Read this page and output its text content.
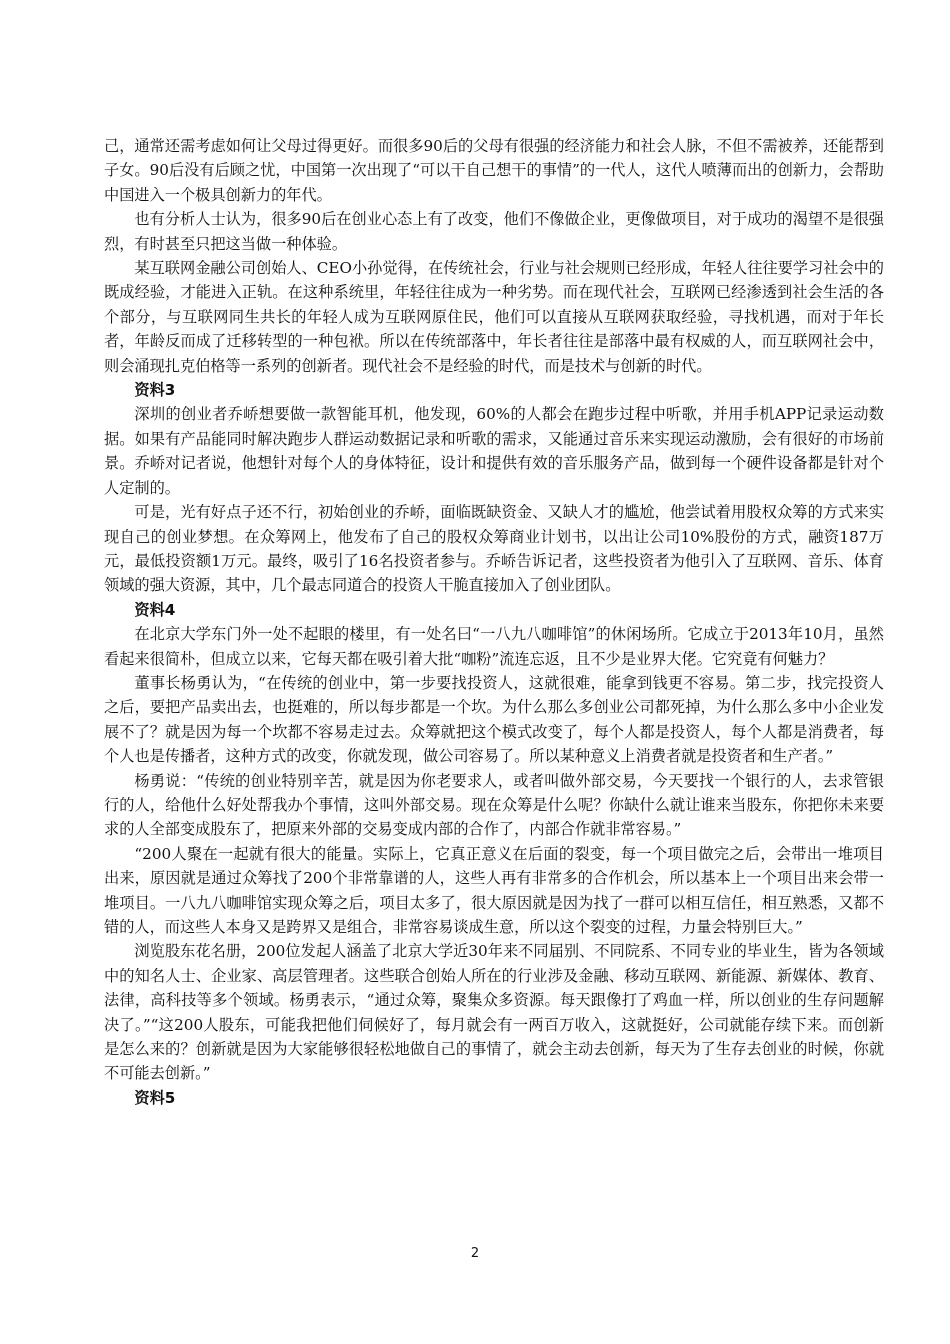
己，通常还需考虑如何让父母过得更好。而很多90后的父母有很强的经济能力和社会人脉，不但不需被养，还能帮到子女。90后没有后顾之忧，中国第一次出现了“可以干自己想干的事情”的一代人，这代人喷薄而出的创新力，会帮助中国进入一个极具创新力的年代。

也有分析人士认为，很多90后在创业心态上有了改变，他们不像做企业，更像做项目，对于成功的渴望不是很强烈，有时甚至只把这当做一种体验。

某互联网金融公司创始人、CEO小孙觉得，在传统社会，行业与社会规则已经形成，年轻人往往要学习社会中的既成经验，才能进入正轨。在这种系统里，年轻往往成为一种劣势。而在现代社会，互联网已经渗透到社会生活的各个部分，与互联网同生共长的年轻人成为互联网原住民，他们可以直接从互联网获取经验，寻找机遇，而对于年长者，年龄反而成了迁移转型的一种包袱。所以在传统部落中，年长者往往是部落中最有权威的人，而互联网社会中，则会涌现扎克伯格等一系列的创新者。现代社会不是经验的时代，而是技术与创新的时代。

资料3

深圳的创业者乔峤想要做一款智能耳机，他发现，60%的人都会在跑步过程中听歌，并用手机APP记录运动数据。如果有产品能同时解决跑步人群运动数据记录和听歌的需求，又能通过音乐来实现运动激励，会有很好的市场前景。乔峤对记者说，他想针对每个人的身体特征，设计和提供有效的音乐服务产品，做到每一个硬件设备都是针对个人定制的。

可是，光有好点子还不行，初始创业的乔峤，面临既缺资金、又缺人才的尴尬，他尝试着用股权众筹的方式来实现自己的创业梦想。在众筹网上，他发布了自己的股权众筹商业计划书，以出让公司10%股份的方式，融资187万元，最低投资额1万元。最终，吸引了16名投资者参与。乔峤告诉记者，这些投资者为他引入了互联网、音乐、体育领域的强大资源，其中，几个最志同道合的投资人干脆直接加入了创业团队。

资料4

在北京大学东门外一处不起眼的楼里，有一处名曰“一八九八咖啡馆”的休闲场所。它成立于2013年10月，虽然看起来很简朴，但成立以来，它每天都在吸引着大批“咖粉”流连忘返，且不少是业界大佬。它究竟有何魅力？

董事长杨勇认为，“在传统的创业中，第一步要找投资人，这就很难，能拿到钱更不容易。第二步，找完投资人之后，要把产品卖出去，也挺难的，所以每步都是一个坎。为什么那么多创业公司都死掉，为什么那么多中小企业发展不了？就是因为每一个坎都不容易走过去。众筹就把这个模式改变了，每个人都是投资人，每个人都是消费者，每个人也是传播者，这种方式的改变，你就发现，做公司容易了。所以某种意义上消费者就是投资者和生产者。”

杨勇说：“传统的创业特别辛苦，就是因为你老要求人，或者叫做外部交易，今天要找一个银行的人，去求管银行的人，给他什么好处帮我办个事情，这叫外部交易。现在众筹是什么呢？你缺什么就让谁来当股东，你把你未来要求的人全部变成股东了，把原来外部的交易变成内部的合作了，内部合作就非常容易。”

“200人聚在一起就有很大的能量。实际上，它真正意义在后面的裂变，每一个项目做完之后，会带出一堆项目出来，原因就是通过众筹找了200个非常靠谱的人，这些人再有非常多的合作机会，所以基本上一个项目出来会带一堆项目。一八九八咖啡馆实现众筹之后，项目太多了，很大原因就是因为找了一群可以相互信任，相互熟悉，又都不错的人，而这些人本身又是跨界又是组合，非常容易谈成生意，所以这个裂变的过程，力量会特别巨大。”

浏览股东花名册，200位发起人涵盖了北京大学近30年来不同届别、不同院系、不同专业的毕业生，皆为各领域中的知名人士、企业家、高层管理者。这些联合创始人所在的行业涉及金融、移动互联网、新能源、新媒体、教育、法律，高科技等多个领域。杨勇表示，“通过众筹，聚集众多资源。每天跟像打了鸡血一样，所以创业的生存问题解决了。”“这200人股东，可能我把他们伺候好了，每月就会有一两百万收入，这就挺好，公司就能存续下来。而创新是怎么来的？创新就是因为大家能够很轻松地做自己的事情了，就会主动去创新，每天为了生存去创业的时候，你就不可能去创新。”

资料5

2
